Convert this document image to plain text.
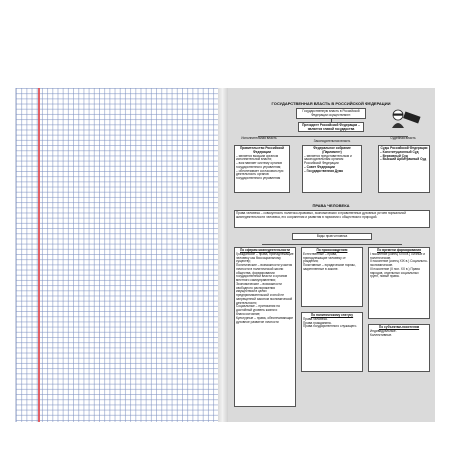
ГОСУДАРСТВЕННАЯ ВЛАСТЬ В РОССИЙСКОЙ ФЕДЕРАЦИИ
Государственную власть в Российской Федерации осуществляют:
Президент Российской Федерации – является главой государства
Исполнительная власть
Законодательная власть
Судебная власть
Правительство Российской Федерации
– является высшим органом исполнительной власти;
– возглавляет систему органов государственного управления;
– обеспечивает согласован-ную деятельность органов государственного управления
Федеральное собрание (Парламент)
– является представительным и законодательным органом Российской Федерации
– Совет Федерации
– Государственная Дума
Суды Российской Федерации
– Конституционный Суд
– Верховный Суд
– Высший Арбитражный Суд
ПРАВА ЧЕЛОВЕКА
Права человека – совокупность политико-правовых, экономических и нравственных духовных устоев нормальной жизнедеятельности человека, его сохранения и развития в гармонии с обществом и природой.
Виды прав человека
По сферам жизнедеятельности
Гражданские – права, принадлежащие человеку как биосоциальному существу;
Политические – возможности участия личности в политической жизни общества, формировании государственной власти и органов местного самоуправления;
Экономические – возможности свободного распоряжения имуществом в целях предпринимательской и иной не запрещенной законом экономической деятельности;
Социальные – притязания на достойный уровень жизни и благосостояние;
Культурные – права, обеспечивающие духовное развитие личности
По происхождению
Естественные – права, принадлежащие человеку от рождения;
Позитивные – юридические нормы, закрепленные в законе.
По политическому статусу
Права человека.
Права гражданина.
Права государственного служащего.
По времени формирования
I поколение (конец XVIII в.) Личные и политические.
II поколение (конец XIX в.) Социально-экономические.
III поколение (II пол. XX в.) Права народов, отдельных социальных групп, новые права.
По субъектам-носителям
Индивидуальные.
Коллективные.
